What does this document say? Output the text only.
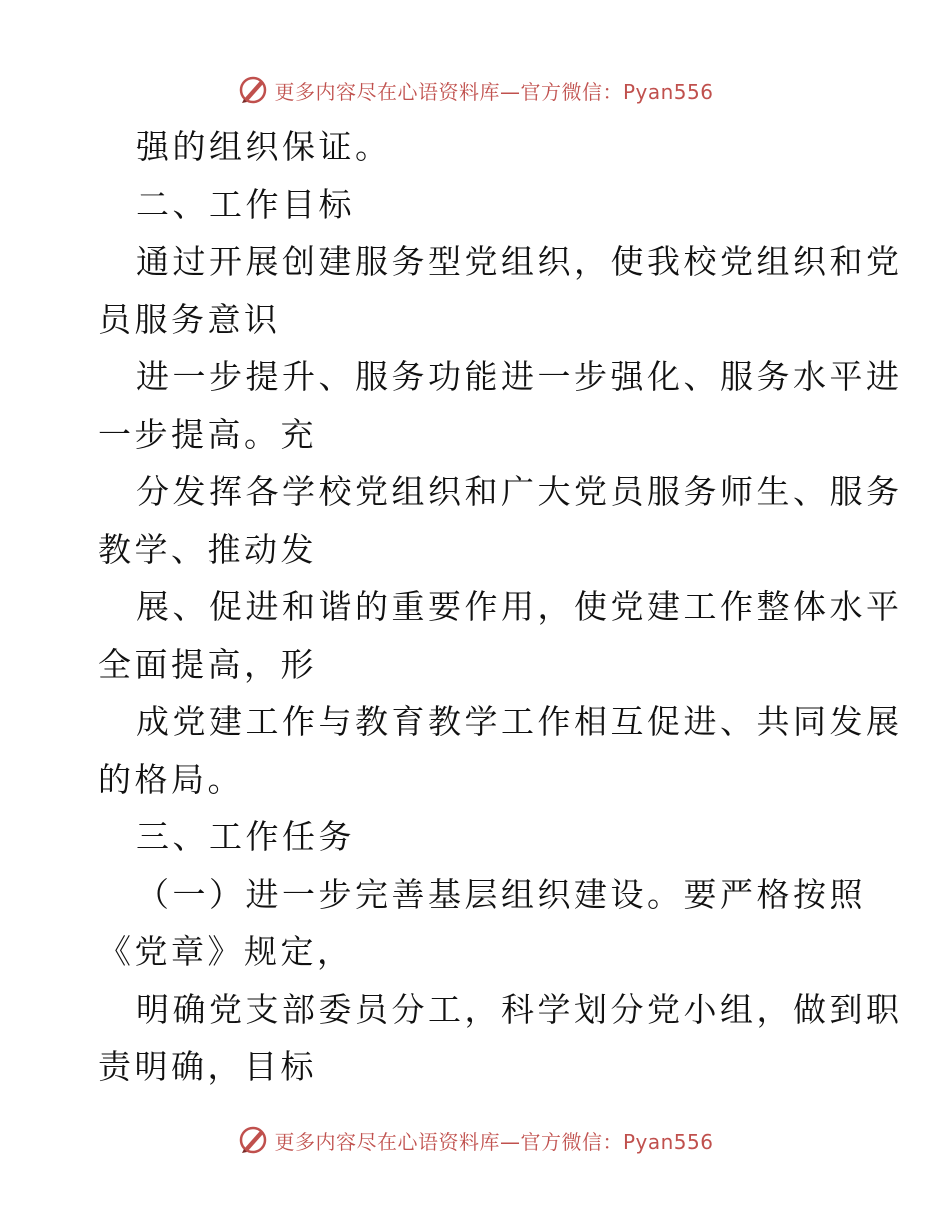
更多内容尽在心语资料库—官方微信：Pyan556
强的组织保证。
二、工作目标
通过开展创建服务型党组织，使我校党组织和党
员服务意识
进一步提升、服务功能进一步强化、服务水平进
一步提高。充
分发挥各学校党组织和广大党员服务师生、服务
教学、推动发
展、促进和谐的重要作用，使党建工作整体水平
全面提高，形
成党建工作与教育教学工作相互促进、共同发展
的格局。
三、工作任务
（一）进一步完善基层组织建设。要严格按照
《党章》规定，
明确党支部委员分工，科学划分党小组，做到职
责明确，目标
更多内容尽在心语资料库—官方微信：Pyan556
